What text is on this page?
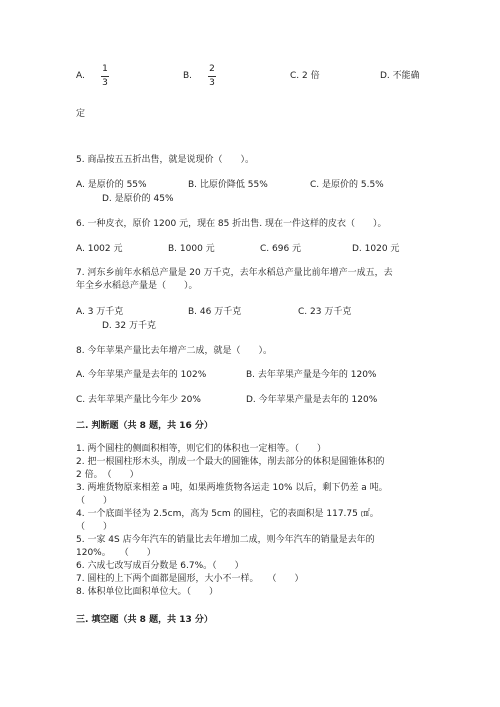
A.
1
3
B.
2
3
C. 2 倍	D. 不能确
定
5. 商品按五五折出售，就是说现价（　　）。
A. 是原价的 55%	B. 比原价降低 55%	C. 是原价的 5.5%
D. 是原价的 45%
6. 一种皮衣，原价 1200 元，现在 85 折出售. 现在一件这样的皮衣（　　）。
A. 1002 元	B. 1000 元	C. 696 元	D. 1020 元
7. 河东乡前年水稻总产量是 20 万千克，去年水稻总产量比前年增产一成五，去
年全乡水稻总产量是（　　）。
A. 3 万千克	B. 46 万千克	C. 23 万千克
D. 32 万千克
8. 今年苹果产量比去年增产二成，就是（　　）。
A. 今年苹果产量是去年的 102%	B. 去年苹果产量是今年的 120%
C. 去年苹果产量比今年少 20%	D. 今年苹果产量是去年的 120%
二. 判断题（共 8 题，共 16 分）
1. 两个圆柱的侧面积相等，则它们的体积也一定相等。（　　）
2. 把一根圆柱形木头，削成一个最大的圆锥体，削去部分的体积是圆锥体积的
2 倍。　（　　）
3. 两堆货物原来相差 a 吨，如果两堆货物各运走 10% 以后，剩下仍差 a 吨。
（　　）
4. 一个底面半径为 2.5cm，高为 5cm 的圆柱，它的表面积是 117.75 ㎠。
（　　）
5. 一家 4S 店今年汽车的销量比去年增加二成，则今年汽车的销量是去年的
120%。　　（　　）
6. 六成七改写成百分数是 6.7%。（　　）
7. 圆柱的上下两个面都是圆形，大小不一样。　　（　　）
8. 体积单位比面积单位大。（　　）
三. 填空题（共 8 题，共 13 分）
